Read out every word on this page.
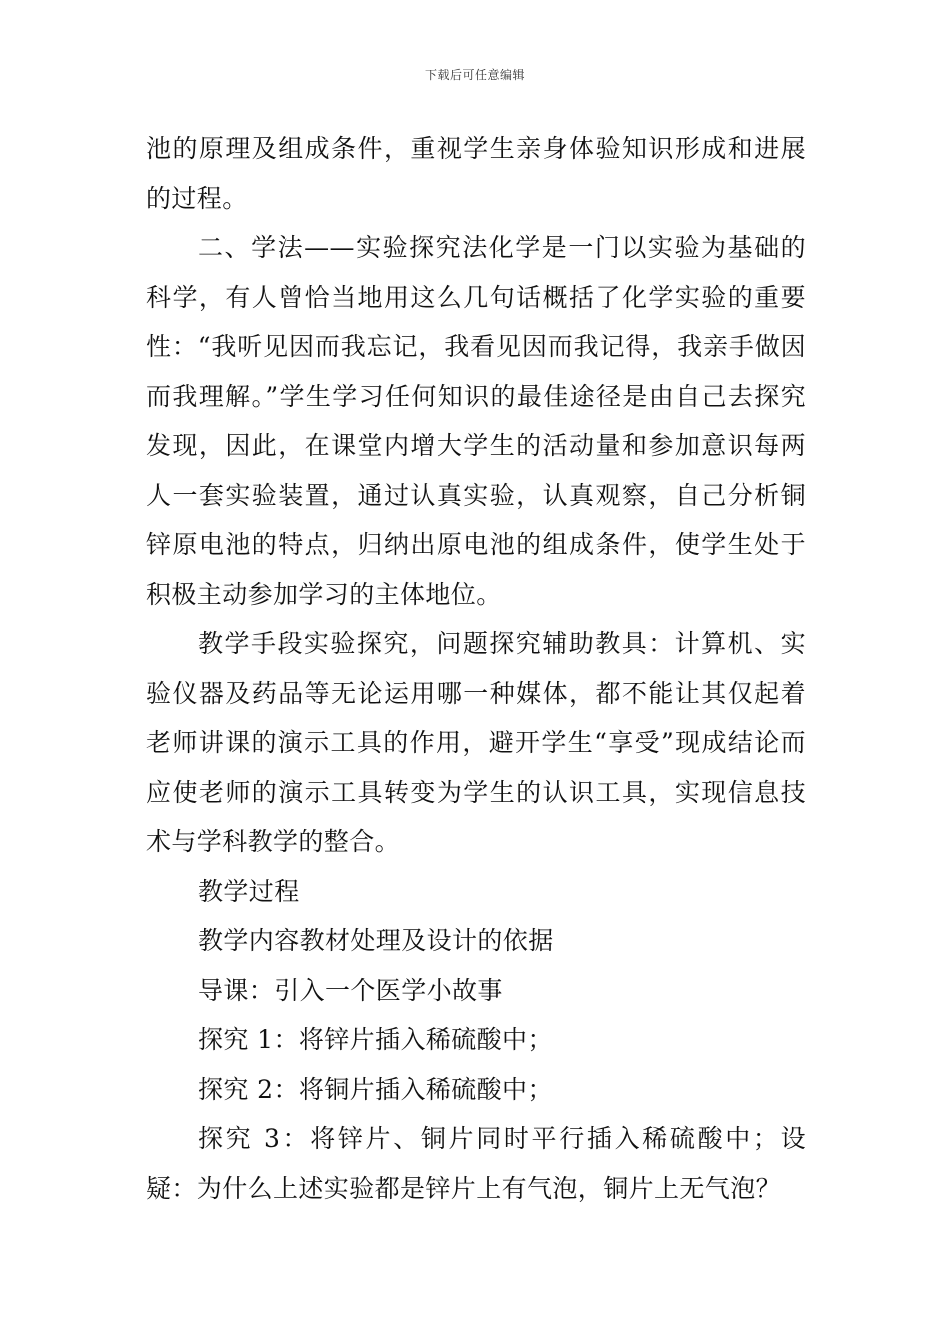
下载后可任意编辑

池的原理及组成条件，重视学生亲身体验知识形成和进展的过程。

二、学法——实验探究法化学是一门以实验为基础的科学，有人曾恰当地用这么几句话概括了化学实验的重要性：“我听见因而我忘记，我看见因而我记得，我亲手做因而我理解。”学生学习任何知识的最佳途径是由自己去探究发现，因此，在课堂内增大学生的活动量和参加意识每两人一套实验装置，通过认真实验，认真观察，自己分析铜锌原电池的特点，归纳出原电池的组成条件，使学生处于积极主动参加学习的主体地位。

教学手段实验探究，问题探究辅助教具：计算机、实验仪器及药品等无论运用哪一种媒体，都不能让其仅起着老师讲课的演示工具的作用，避开学生“享受”现成结论而应使老师的演示工具转变为学生的认识工具，实现信息技术与学科教学的整合。

教学过程

教学内容教材处理及设计的依据

导课：引入一个医学小故事

探究 1：将锌片插入稀硫酸中；

探究 2：将铜片插入稀硫酸中；

探究 3：将锌片、铜片同时平行插入稀硫酸中；设疑：为什么上述实验都是锌片上有气泡，铜片上无气泡？
